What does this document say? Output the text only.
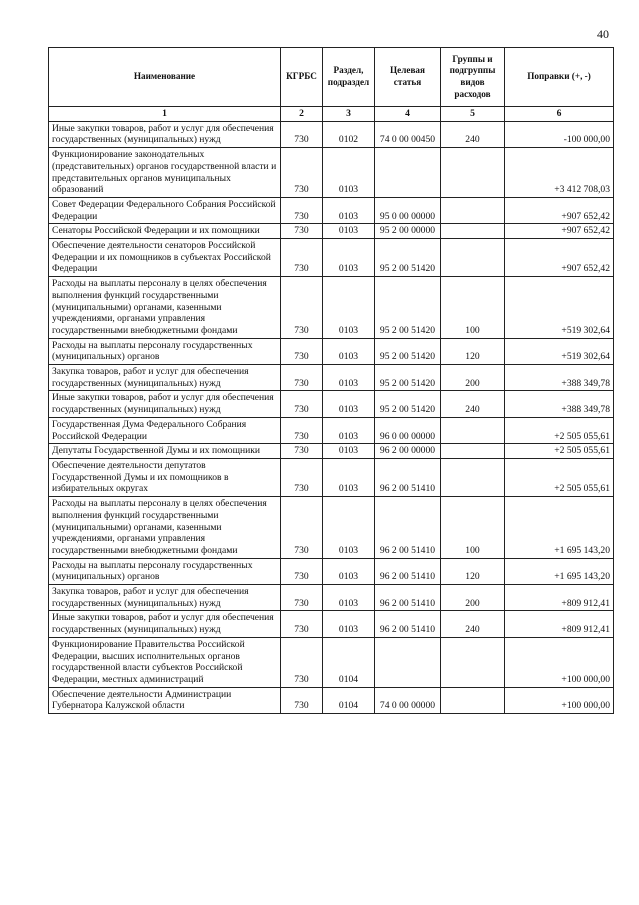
40
Наименование	КГРБС	Раздел, подраздел	Целевая статья	Группы и подгруппы видов расходов	Поправки (+, -)
1	2	3	4	5	6
Иные закупки товаров, работ и услуг для обеспечения государственных (муниципальных) нужд	730	0102	74 0 00 00450	240	-100 000,00
Функционирование законодательных (представительных) органов государственной власти и представительных органов муниципальных образований	730	0103			+3 412 708,03
Совет Федерации Федерального Собрания Российской Федерации	730	0103	95 0 00 00000		+907 652,42
Сенаторы Российской Федерации и их помощники	730	0103	95 2 00 00000		+907 652,42
Обеспечение деятельности сенаторов Российской Федерации и их помощников в субъектах Российской Федерации	730	0103	95 2 00 51420		+907 652,42
Расходы на выплаты персоналу в целях обеспечения выполнения функций государственными (муниципальными) органами, казенными учреждениями, органами управления государственными внебюджетными фондами	730	0103	95 2 00 51420	100	+519 302,64
Расходы на выплаты персоналу государственных (муниципальных) органов	730	0103	95 2 00 51420	120	+519 302,64
Закупка товаров, работ и услуг для обеспечения государственных (муниципальных) нужд	730	0103	95 2 00 51420	200	+388 349,78
Иные закупки товаров, работ и услуг для обеспечения государственных (муниципальных) нужд	730	0103	95 2 00 51420	240	+388 349,78
Государственная Дума Федерального Собрания Российской Федерации	730	0103	96 0 00 00000		+2 505 055,61
Депутаты Государственной Думы и их помощники	730	0103	96 2 00 00000		+2 505 055,61
Обеспечение деятельности депутатов Государственной Думы и их помощников в избирательных округах	730	0103	96 2 00 51410		+2 505 055,61
Расходы на выплаты персоналу в целях обеспечения выполнения функций государственными (муниципальными) органами, казенными учреждениями, органами управления государственными внебюджетными фондами	730	0103	96 2 00 51410	100	+1 695 143,20
Расходы на выплаты персоналу государственных (муниципальных) органов	730	0103	96 2 00 51410	120	+1 695 143,20
Закупка товаров, работ и услуг для обеспечения государственных (муниципальных) нужд	730	0103	96 2 00 51410	200	+809 912,41
Иные закупки товаров, работ и услуг для обеспечения государственных (муниципальных) нужд	730	0103	96 2 00 51410	240	+809 912,41
Функционирование Правительства Российской Федерации, высших исполнительных органов государственной власти субъектов Российской Федерации, местных администраций	730	0104			+100 000,00
Обеспечение деятельности Администрации Губернатора Калужской области	730	0104	74 0 00 00000		+100 000,00
